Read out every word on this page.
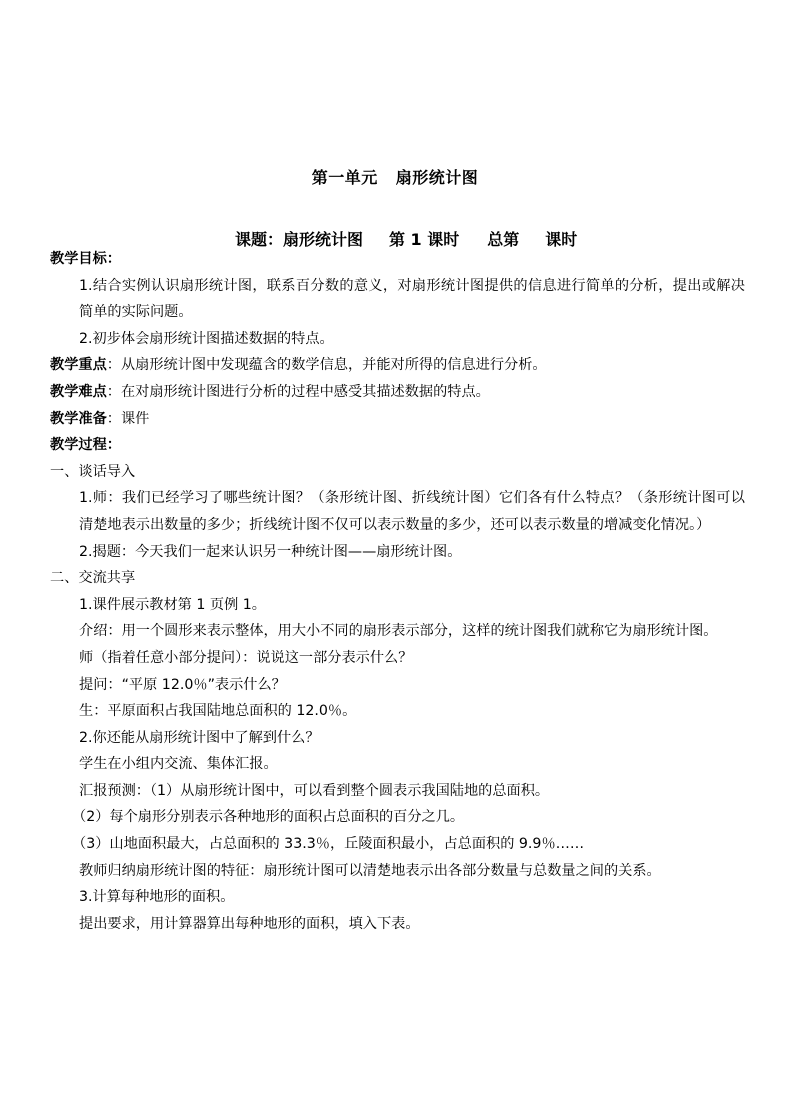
第一单元 扇形统计图

课题：扇形统计图 第 1 课时 总第 课时

教学目标：
1.结合实例认识扇形统计图，联系百分数的意义，对扇形统计图提供的信息进行简单的分析，提出或解决简单的实际问题。
2.初步体会扇形统计图描述数据的特点。
教学重点：从扇形统计图中发现蕴含的数学信息，并能对所得的信息进行分析。
教学难点：在对扇形统计图进行分析的过程中感受其描述数据的特点。
教学准备：课件
教学过程：
一、谈话导入
1.师：我们已经学习了哪些统计图？（条形统计图、折线统计图）它们各有什么特点？（条形统计图可以清楚地表示出数量的多少；折线统计图不仅可以表示数量的多少，还可以表示数量的增减变化情况。）
2.揭题：今天我们一起来认识另一种统计图——扇形统计图。
二、交流共享
1.课件展示教材第 1 页例 1。
介绍：用一个圆形来表示整体，用大小不同的扇形表示部分，这样的统计图我们就称它为扇形统计图。
师（指着任意小部分提问）：说说这一部分表示什么？
提问：“平原 12.0％”表示什么？
生：平原面积占我国陆地总面积的 12.0％。
2.你还能从扇形统计图中了解到什么？
学生在小组内交流、集体汇报。
汇报预测：（1）从扇形统计图中，可以看到整个圆表示我国陆地的总面积。
（2）每个扇形分别表示各种地形的面积占总面积的百分之几。
（3）山地面积最大，占总面积的 33.3％，丘陵面积最小，占总面积的 9.9％……
教师归纳扇形统计图的特征：扇形统计图可以清楚地表示出各部分数量与总数量之间的关系。
3.计算每种地形的面积。
提出要求，用计算器算出每种地形的面积，填入下表。
